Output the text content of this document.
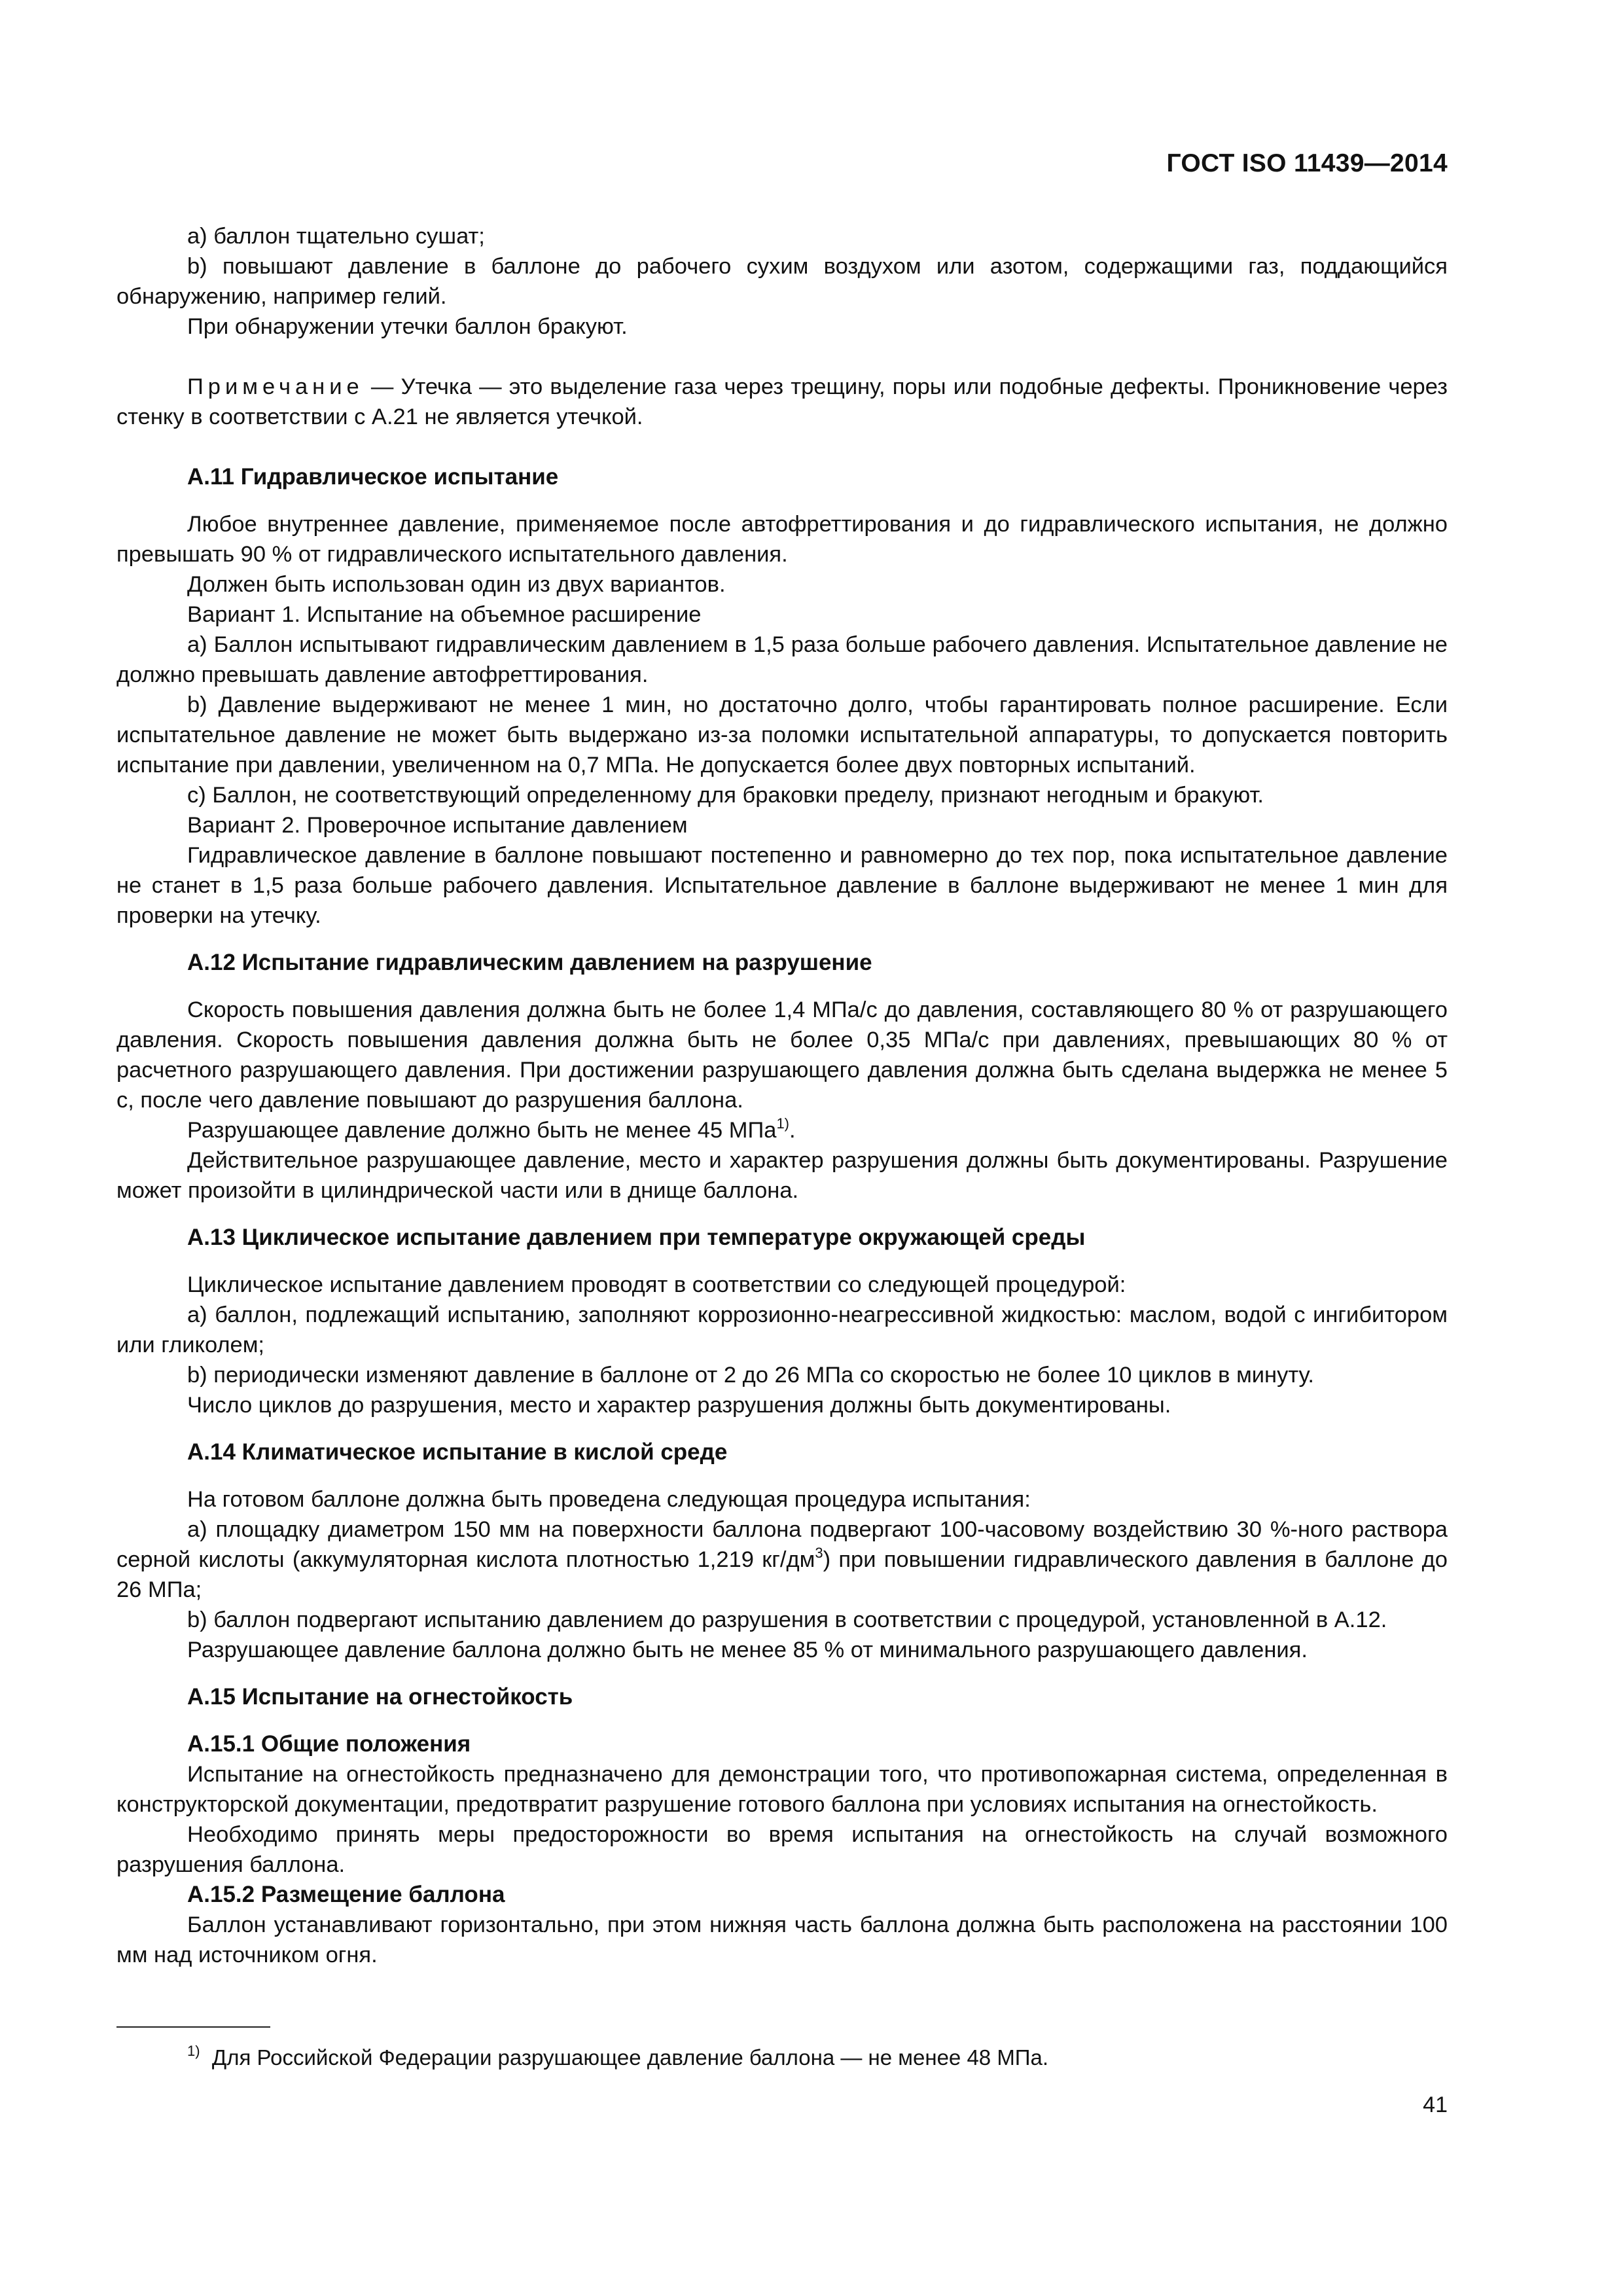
ГОСТ ISO 11439—2014

а) баллон тщательно сушат;

b) повышают давление в баллоне до рабочего сухим воздухом или азотом, содержащими газ, поддающийся обнаружению, например гелий.

При обнаружении утечки баллон бракуют.

Примечание — Утечка — это выделение газа через трещину, поры или подобные дефекты. Проникновение через стенку в соответствии с А.21 не является утечкой.

А.11 Гидравлическое испытание

Любое внутреннее давление, применяемое после автофреттирования и до гидравлического испытания, не должно превышать 90 % от гидравлического испытательного давления.

Должен быть использован один из двух вариантов.

Вариант 1. Испытание на объемное расширение

а) Баллон испытывают гидравлическим давлением в 1,5 раза больше рабочего давления. Испытательное давление не должно превышать давление автофреттирования.

b) Давление выдерживают не менее 1 мин, но достаточно долго, чтобы гарантировать полное расширение. Если испытательное давление не может быть выдержано из-за поломки испытательной аппаратуры, то допускается повторить испытание при давлении, увеличенном на 0,7 МПа. Не допускается более двух повторных испытаний.

с) Баллон, не соответствующий определенному для браковки пределу, признают негодным и бракуют.

Вариант 2. Проверочное испытание давлением

Гидравлическое давление в баллоне повышают постепенно и равномерно до тех пор, пока испытательное давление не станет в 1,5 раза больше рабочего давления. Испытательное давление в баллоне выдерживают не менее 1 мин для проверки на утечку.

А.12 Испытание гидравлическим давлением на разрушение

Скорость повышения давления должна быть не более 1,4 МПа/с до давления, составляющего 80 % от разрушающего давления. Скорость повышения давления должна быть не более 0,35 МПа/с при давлениях, превышающих 80 % от расчетного разрушающего давления. При достижении разрушающего давления должна быть сделана выдержка не менее 5 с, после чего давление повышают до разрушения баллона.

Разрушающее давление должно быть не менее 45 МПа$^{1)}$.

Действительное разрушающее давление, место и характер разрушения должны быть документированы. Разрушение может произойти в цилиндрической части или в днище баллона.

А.13 Циклическое испытание давлением при температуре окружающей среды

Циклическое испытание давлением проводят в соответствии со следующей процедурой:

а) баллон, подлежащий испытанию, заполняют коррозионно-неагрессивной жидкостью: маслом, водой с ингибитором или гликолем;

b) периодически изменяют давление в баллоне от 2 до 26 МПа со скоростью не более 10 циклов в минуту.

Число циклов до разрушения, место и характер разрушения должны быть документированы.

А.14 Климатическое испытание в кислой среде

На готовом баллоне должна быть проведена следующая процедура испытания:

а) площадку диаметром 150 мм на поверхности баллона подвергают 100-часовому воздействию 30 %-ного раствора серной кислоты (аккумуляторная кислота плотностью 1,219 $кг/дм^3$) при повышении гидравлического давления в баллоне до 26 МПа;

b) баллон подвергают испытанию давлением до разрушения в соответствии с процедурой, установленной в А.12.

Разрушающее давление баллона должно быть не менее 85 % от минимального разрушающего давления.

А.15 Испытание на огнестойкость
А.15.1 Общие положения

Испытание на огнестойкость предназначено для демонстрации того, что противопожарная система, определенная в конструкторской документации, предотвратит разрушение готового баллона при условиях испытания на огнестойкость.

Необходимо принять меры предосторожности во время испытания на огнестойкость на случай возможного разрушения баллона.

А.15.2 Размещение баллона

Баллон устанавливают горизонтально, при этом нижняя часть баллона должна быть расположена на расстоянии 100 мм над источником огня.

$^{1)}$ Для Российской Федерации разрушающее давление баллона — не менее 48 МПа.
41
